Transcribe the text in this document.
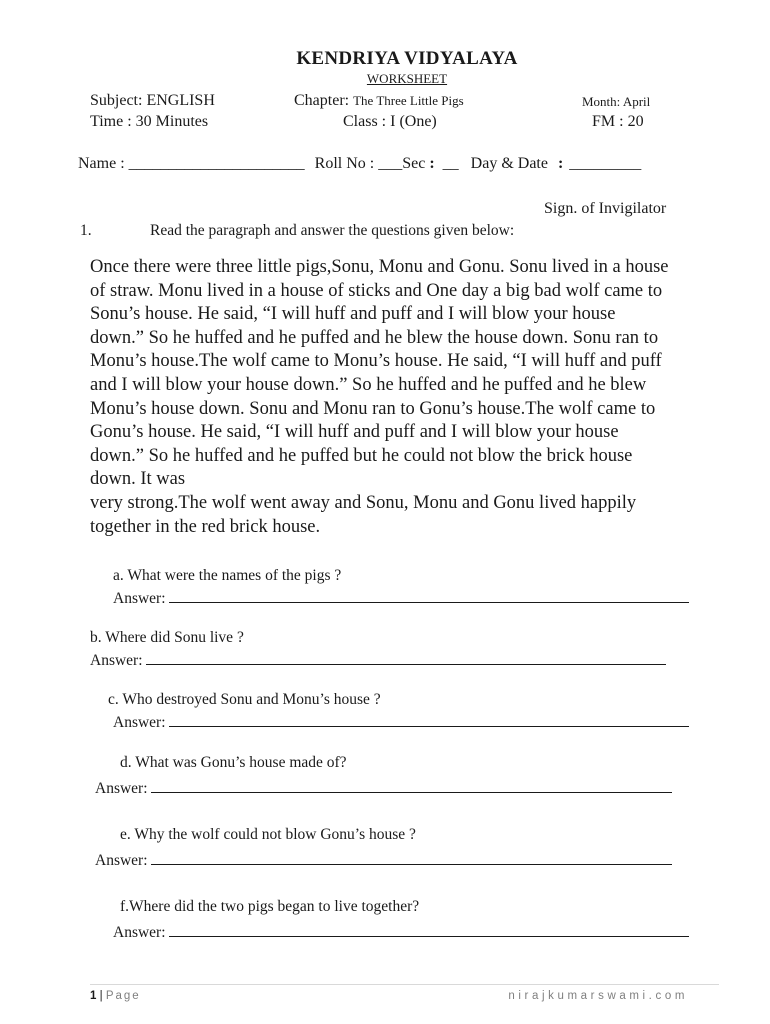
KENDRIYA VIDYALAYA
WORKSHEET
Subject: ENGLISH
Time : 30 Minutes
Chapter: The Three Little Pigs
Class : I (One)
Month: April
FM : 20
Name : ______________________ Roll No : ___Sec : __ Day & Date : _________
Sign. of Invigilator
1.	Read the paragraph and answer the questions given below:
Once there were three little pigs,Sonu, Monu and Gonu. Sonu lived in a house
of straw. Monu lived in a house of sticks and One day a big bad wolf came to
Sonu’s house. He said, “I will huff and puff and I will blow your house
down.” So he huffed and he puffed and he blew the house down. Sonu ran to
Monu’s house.The wolf came to Monu’s house. He said, “I will huff and puff
and I will blow your house down.” So he huffed and he puffed and he blew
Monu’s house down. Sonu and Monu ran to Gonu’s house.The wolf came to
Gonu’s house. He said, “I will huff and puff and I will blow your house
down.” So he huffed and he puffed but he could not blow the brick house
down. It was
very strong.The wolf went away and Sonu, Monu and Gonu lived happily
together in the red brick house.
a. What were the names of the pigs ?
Answer:
b. Where did Sonu live ?
Answer:
c. Who destroyed Sonu and Monu’s house ?
Answer:
d. What was Gonu’s house made of?
Answer:
e. Why the wolf could not blow Gonu’s house ?
Answer:
f.Where did the two pigs began to live together?
Answer:
1 | Page	nirajkumarswami.com
